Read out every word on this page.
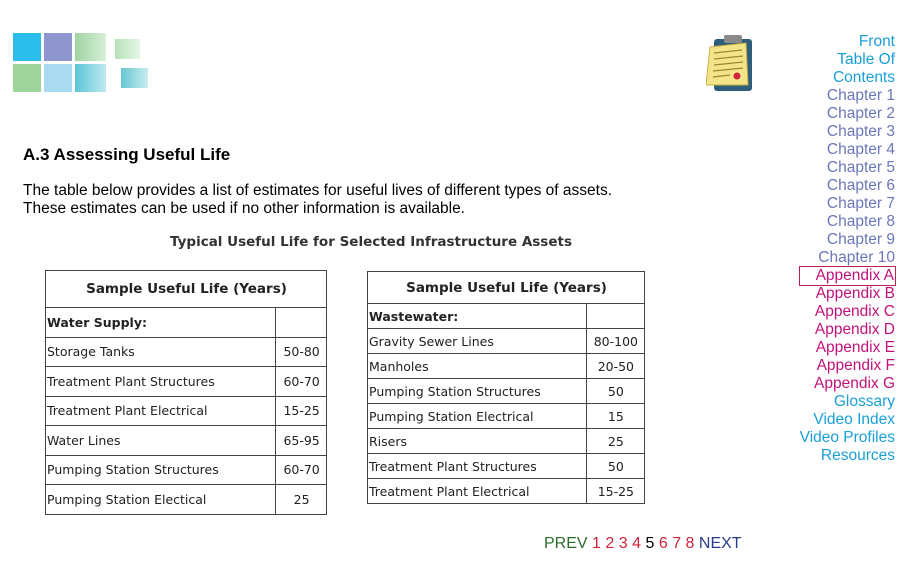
Front
Table Of
Contents
Chapter 1
Chapter 2
Chapter 3
Chapter 4
Chapter 5
Chapter 6
Chapter 7
Chapter 8
Chapter 9
Chapter 10
Appendix A
Appendix B
Appendix C
Appendix D
Appendix E
Appendix F
Appendix G
Glossary
Video Index
Video Profiles
Resources
A.3 Assessing Useful Life
The table below provides a list of estimates for useful lives of different types of assets.
These estimates can be used if no other information is available.
Typical Useful Life for Selected Infrastructure Assets
Sample Useful Life (Years)	
Water Supply:	
Storage Tanks	50-80
Treatment Plant Structures	60-70
Treatment Plant Electrical	15-25
Water Lines	65-95
Pumping Station Structures	60-70
Pumping Station Electical	25
Sample Useful Life (Years)	
Wastewater:	
Gravity Sewer Lines	80-100
Manholes	20-50
Pumping Station Structures	50
Pumping Station Electrical	15
Risers	25
Treatment Plant Structures	50
Treatment Plant Electrical	15-25
PREV 1 2 3 4 5 6 7 8 NEXT
